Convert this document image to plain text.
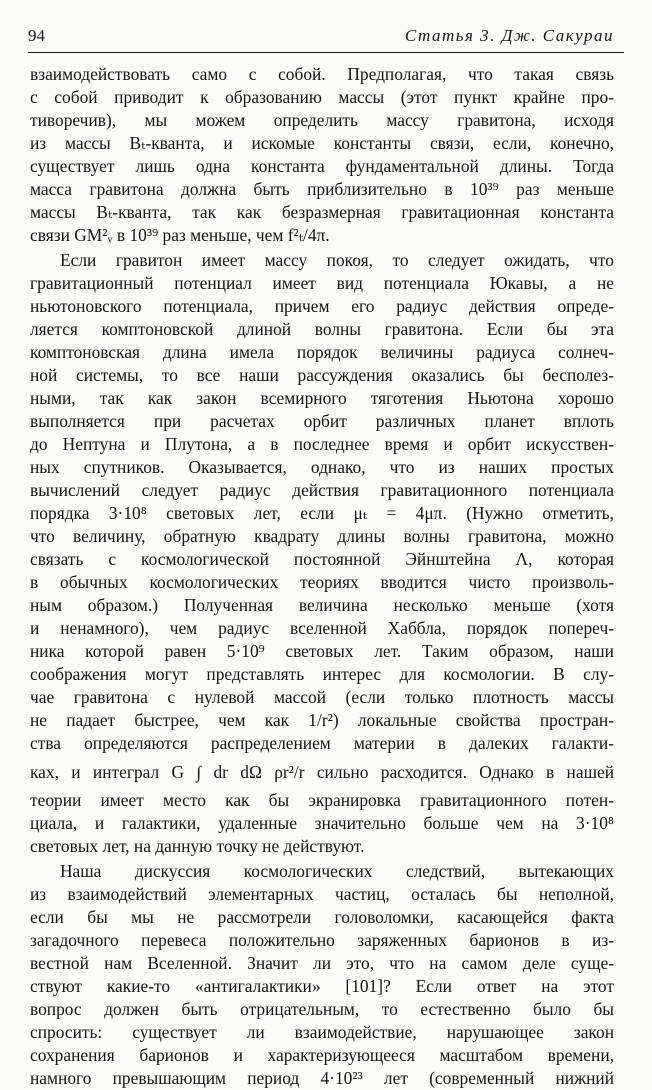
94	Статья 3. Дж. Сакураи
взаимодействовать само с собой. Предполагая, что такая связь
с собой приводит к образованию массы (этот пункт крайне про-
тиворечив), мы можем определить массу гравитона, исходя
из массы Bₜ-кванта, и искомые константы связи, если, конечно,
существует лишь одна константа фундаментальной длины. Тогда
масса гравитона должна быть приблизительно в 10³⁹ раз меньше
массы Bₜ-кванта, так как безразмерная гравитационная константа
связи GM²ᵥ в 10³⁹ раз меньше, чем f²ₜ/4π.
Если гравитон имеет массу покоя, то следует ожидать, что
гравитационный потенциал имеет вид потенциала Юкавы, а не
ньютоновского потенциала, причем его радиус действия опреде-
ляется комптоновской длиной волны гравитона. Если бы эта
комптоновская длина имела порядок величины радиуса солнеч-
ной системы, то все наши рассуждения оказались бы бесполез-
ными, так как закон всемирного тяготения Ньютона хорошо
выполняется при расчетах орбит различных планет вплоть
до Нептуна и Плутона, а в последнее время и орбит искусствен-
ных спутников. Оказывается, однако, что из наших простых
вычислений следует радиус действия гравитационного потенциала
порядка 3·10⁸ световых лет, если μₜ = 4μπ. (Нужно отметить,
что величину, обратную квадрату длины волны гравитона, можно
связать с космологической постоянной Эйнштейна Λ, которая
в обычных космологических теориях вводится чисто произволь-
ным образом.) Полученная величина несколько меньше (хотя
и ненамного), чем радиус вселенной Хаббла, порядок попереч-
ника которой равен 5·10⁹ световых лет. Таким образом, наши
соображения могут представлять интерес для космологии. В слу-
чае гравитона с нулевой массой (если только плотность массы
не падает быстрее, чем как 1/r²) локальные свойства простран-
ства определяются распределением материи в далеких галакти-
ках, и интеграл G ∫ dr dΩ ρr²/r сильно расходится. Однако в нашей
теории имеет место как бы экранировка гравитационного потен-
циала, и галактики, удаленные значительно больше чем на 3·10⁸
световых лет, на данную точку не действуют.
Наша дискуссия космологических следствий, вытекающих
из взаимодействий элементарных частиц, осталась бы неполной,
если бы мы не рассмотрели головоломки, касающейся факта
загадочного перевеса положительно заряженных барионов в из-
вестной нам Вселенной. Значит ли это, что на самом деле суще-
ствуют какие-то «антигалактики» [101]? Если ответ на этот
вопрос должен быть отрицательным, то естественно было бы
спросить: существует ли взаимодействие, нарушающее закон
сохранения барионов и характеризующееся масштабом времени,
намного превышающим период 4·10²³ лет (современный нижний
